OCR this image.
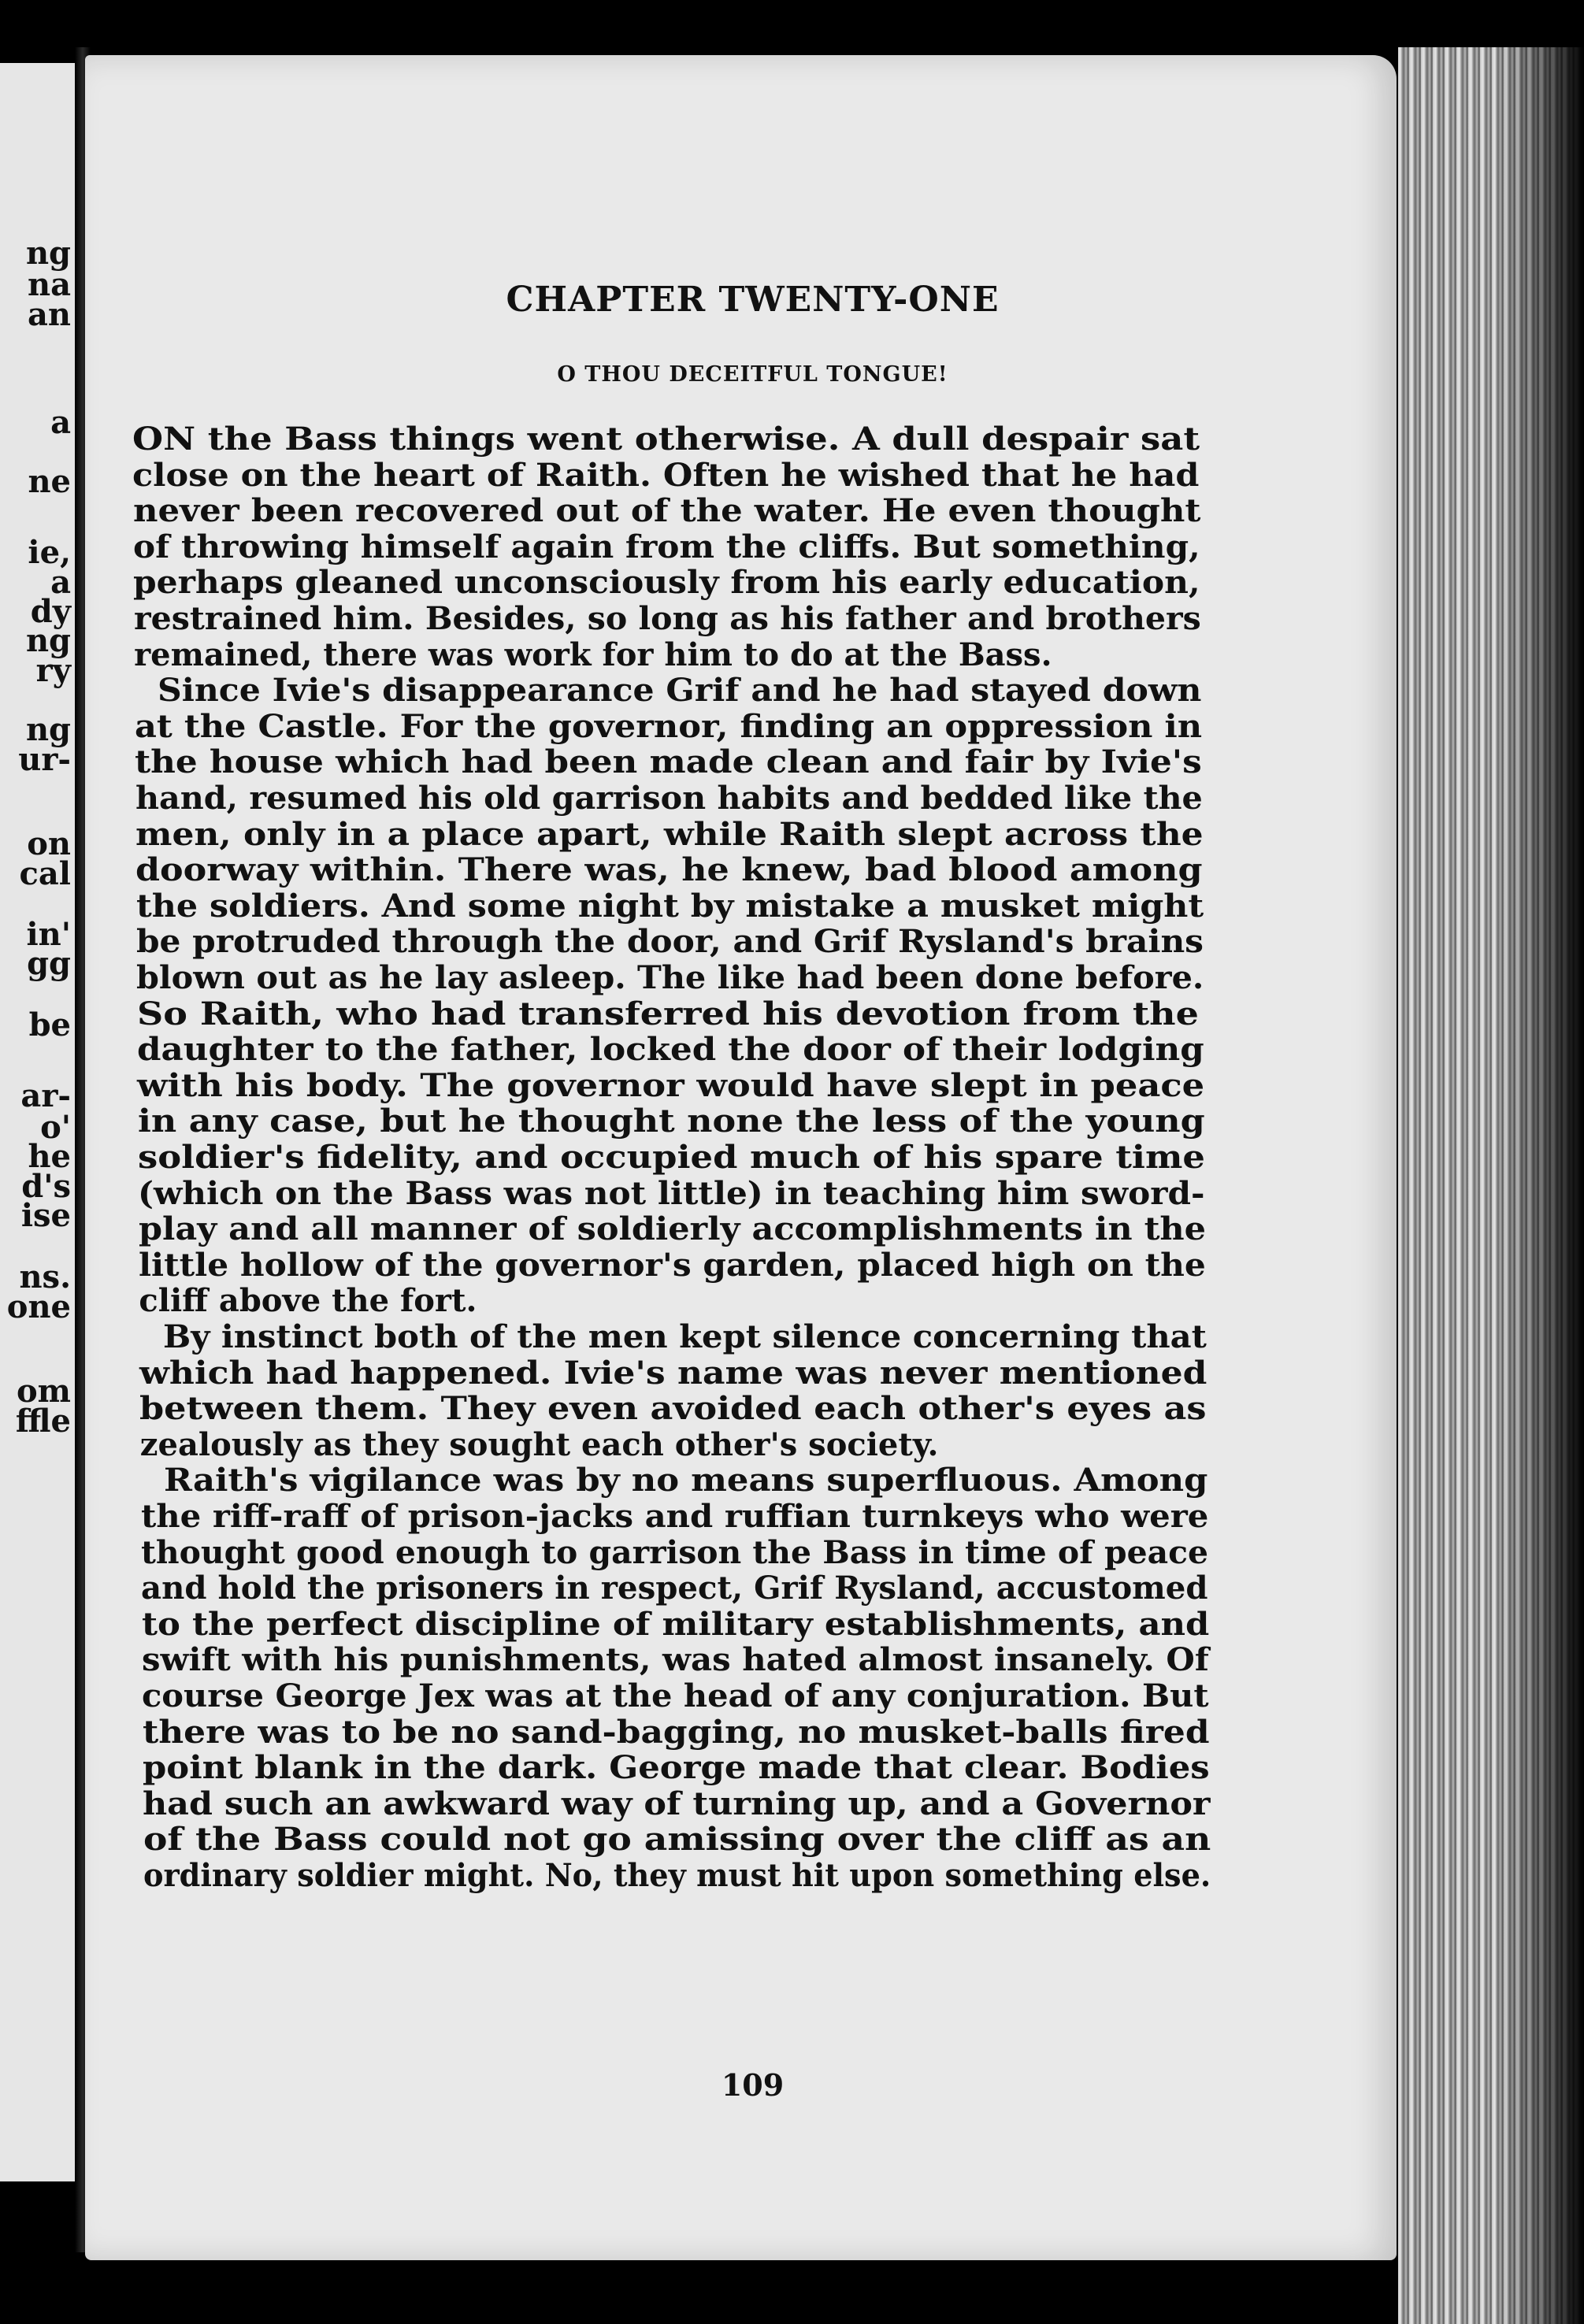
ng
na
an
a
ne
ie,
a
dy
ng
ry
ng
ur-
on
cal
in'
gg
be
ar-
o'
he
d's
ise
ns.
one
om
ffle
CHAPTER TWENTY-ONE
O THOU DECEITFUL TONGUE!
ON the Bass things went otherwise. A dull despair sat
close on the heart of Raith. Often he wished that he had
never been recovered out of the water. He even thought
of throwing himself again from the cliffs. But something,
perhaps gleaned unconsciously from his early education,
restrained him. Besides, so long as his father and brothers
remained, there was work for him to do at the Bass.
Since Ivie's disappearance Grif and he had stayed down
at the Castle. For the governor, finding an oppression in
the house which had been made clean and fair by Ivie's
hand, resumed his old garrison habits and bedded like the
men, only in a place apart, while Raith slept across the
doorway within. There was, he knew, bad blood among
the soldiers. And some night by mistake a musket might
be protruded through the door, and Grif Rysland's brains
blown out as he lay asleep. The like had been done before.
So Raith, who had transferred his devotion from the
daughter to the father, locked the door of their lodging
with his body. The governor would have slept in peace
in any case, but he thought none the less of the young
soldier's fidelity, and occupied much of his spare time
(which on the Bass was not little) in teaching him sword-
play and all manner of soldierly accomplishments in the
little hollow of the governor's garden, placed high on the
cliff above the fort.
By instinct both of the men kept silence concerning that
which had happened. Ivie's name was never mentioned
between them. They even avoided each other's eyes as
zealously as they sought each other's society.
Raith's vigilance was by no means superfluous. Among
the riff-raff of prison-jacks and ruffian turnkeys who were
thought good enough to garrison the Bass in time of peace
and hold the prisoners in respect, Grif Rysland, accustomed
to the perfect discipline of military establishments, and
swift with his punishments, was hated almost insanely. Of
course George Jex was at the head of any conjuration. But
there was to be no sand-bagging, no musket-balls fired
point blank in the dark. George made that clear. Bodies
had such an awkward way of turning up, and a Governor
of the Bass could not go amissing over the cliff as an
ordinary soldier might. No, they must hit upon something else.
109
